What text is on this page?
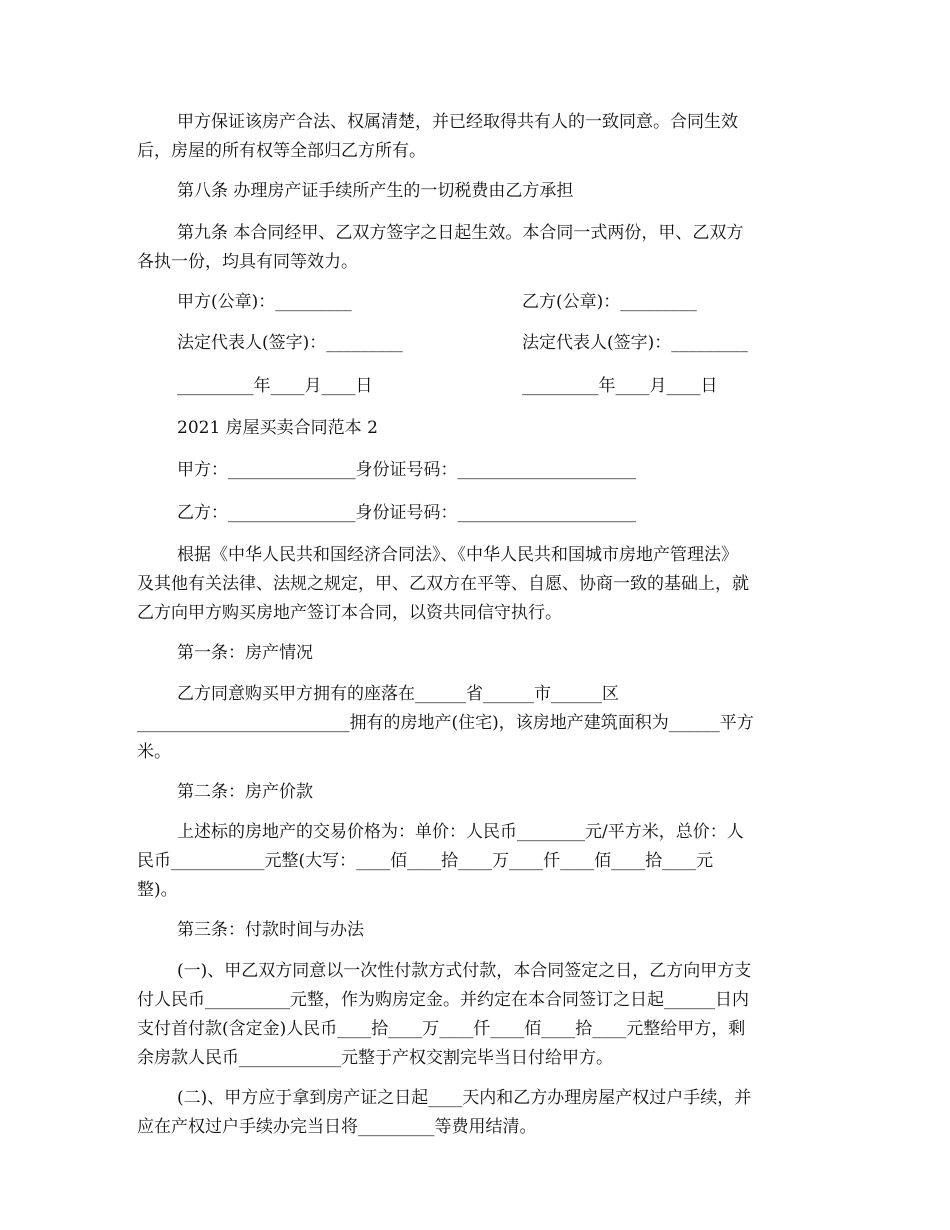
甲方保证该房产合法、权属清楚，并已经取得共有人的一致同意。合同生效
后，房屋的所有权等全部归乙方所有。
第八条 办理房产证手续所产生的一切税费由乙方承担
第九条 本合同经甲、乙双方签字之日起生效。本合同一式两份，甲、乙双方
各执一份，均具有同等效力。
甲方(公章)：_________	乙方(公章)：_________
法定代表人(签字)：_________	法定代表人(签字)：_________
_________年____月____日	_________年____月____日
2021 房屋买卖合同范本 2
甲方：_______________身份证号码：_____________________
乙方：_______________身份证号码：_____________________
根据《中华人民共和国经济合同法》、《中华人民共和国城市房地产管理法》
及其他有关法律、法规之规定，甲、乙双方在平等、自愿、协商一致的基础上，就
乙方向甲方购买房地产签订本合同，以资共同信守执行。
第一条：房产情况
乙方同意购买甲方拥有的座落在______省______市______区
_________________________拥有的房地产(住宅)，该房地产建筑面积为______平方
米。
第二条：房产价款
上述标的房地产的交易价格为：单价：人民币________元/平方米，总价：人
民币___________元整(大写：____佰____拾____万____仟____佰____拾____元
整)。
第三条：付款时间与办法
(一)、甲乙双方同意以一次性付款方式付款，本合同签定之日，乙方向甲方支
付人民币__________元整，作为购房定金。并约定在本合同签订之日起______日内
支付首付款(含定金)人民币____拾____万____仟____佰____拾____元整给甲方，剩
余房款人民币____________元整于产权交割完毕当日付给甲方。
(二)、甲方应于拿到房产证之日起____天内和乙方办理房屋产权过户手续，并
应在产权过户手续办完当日将_________等费用结清。
